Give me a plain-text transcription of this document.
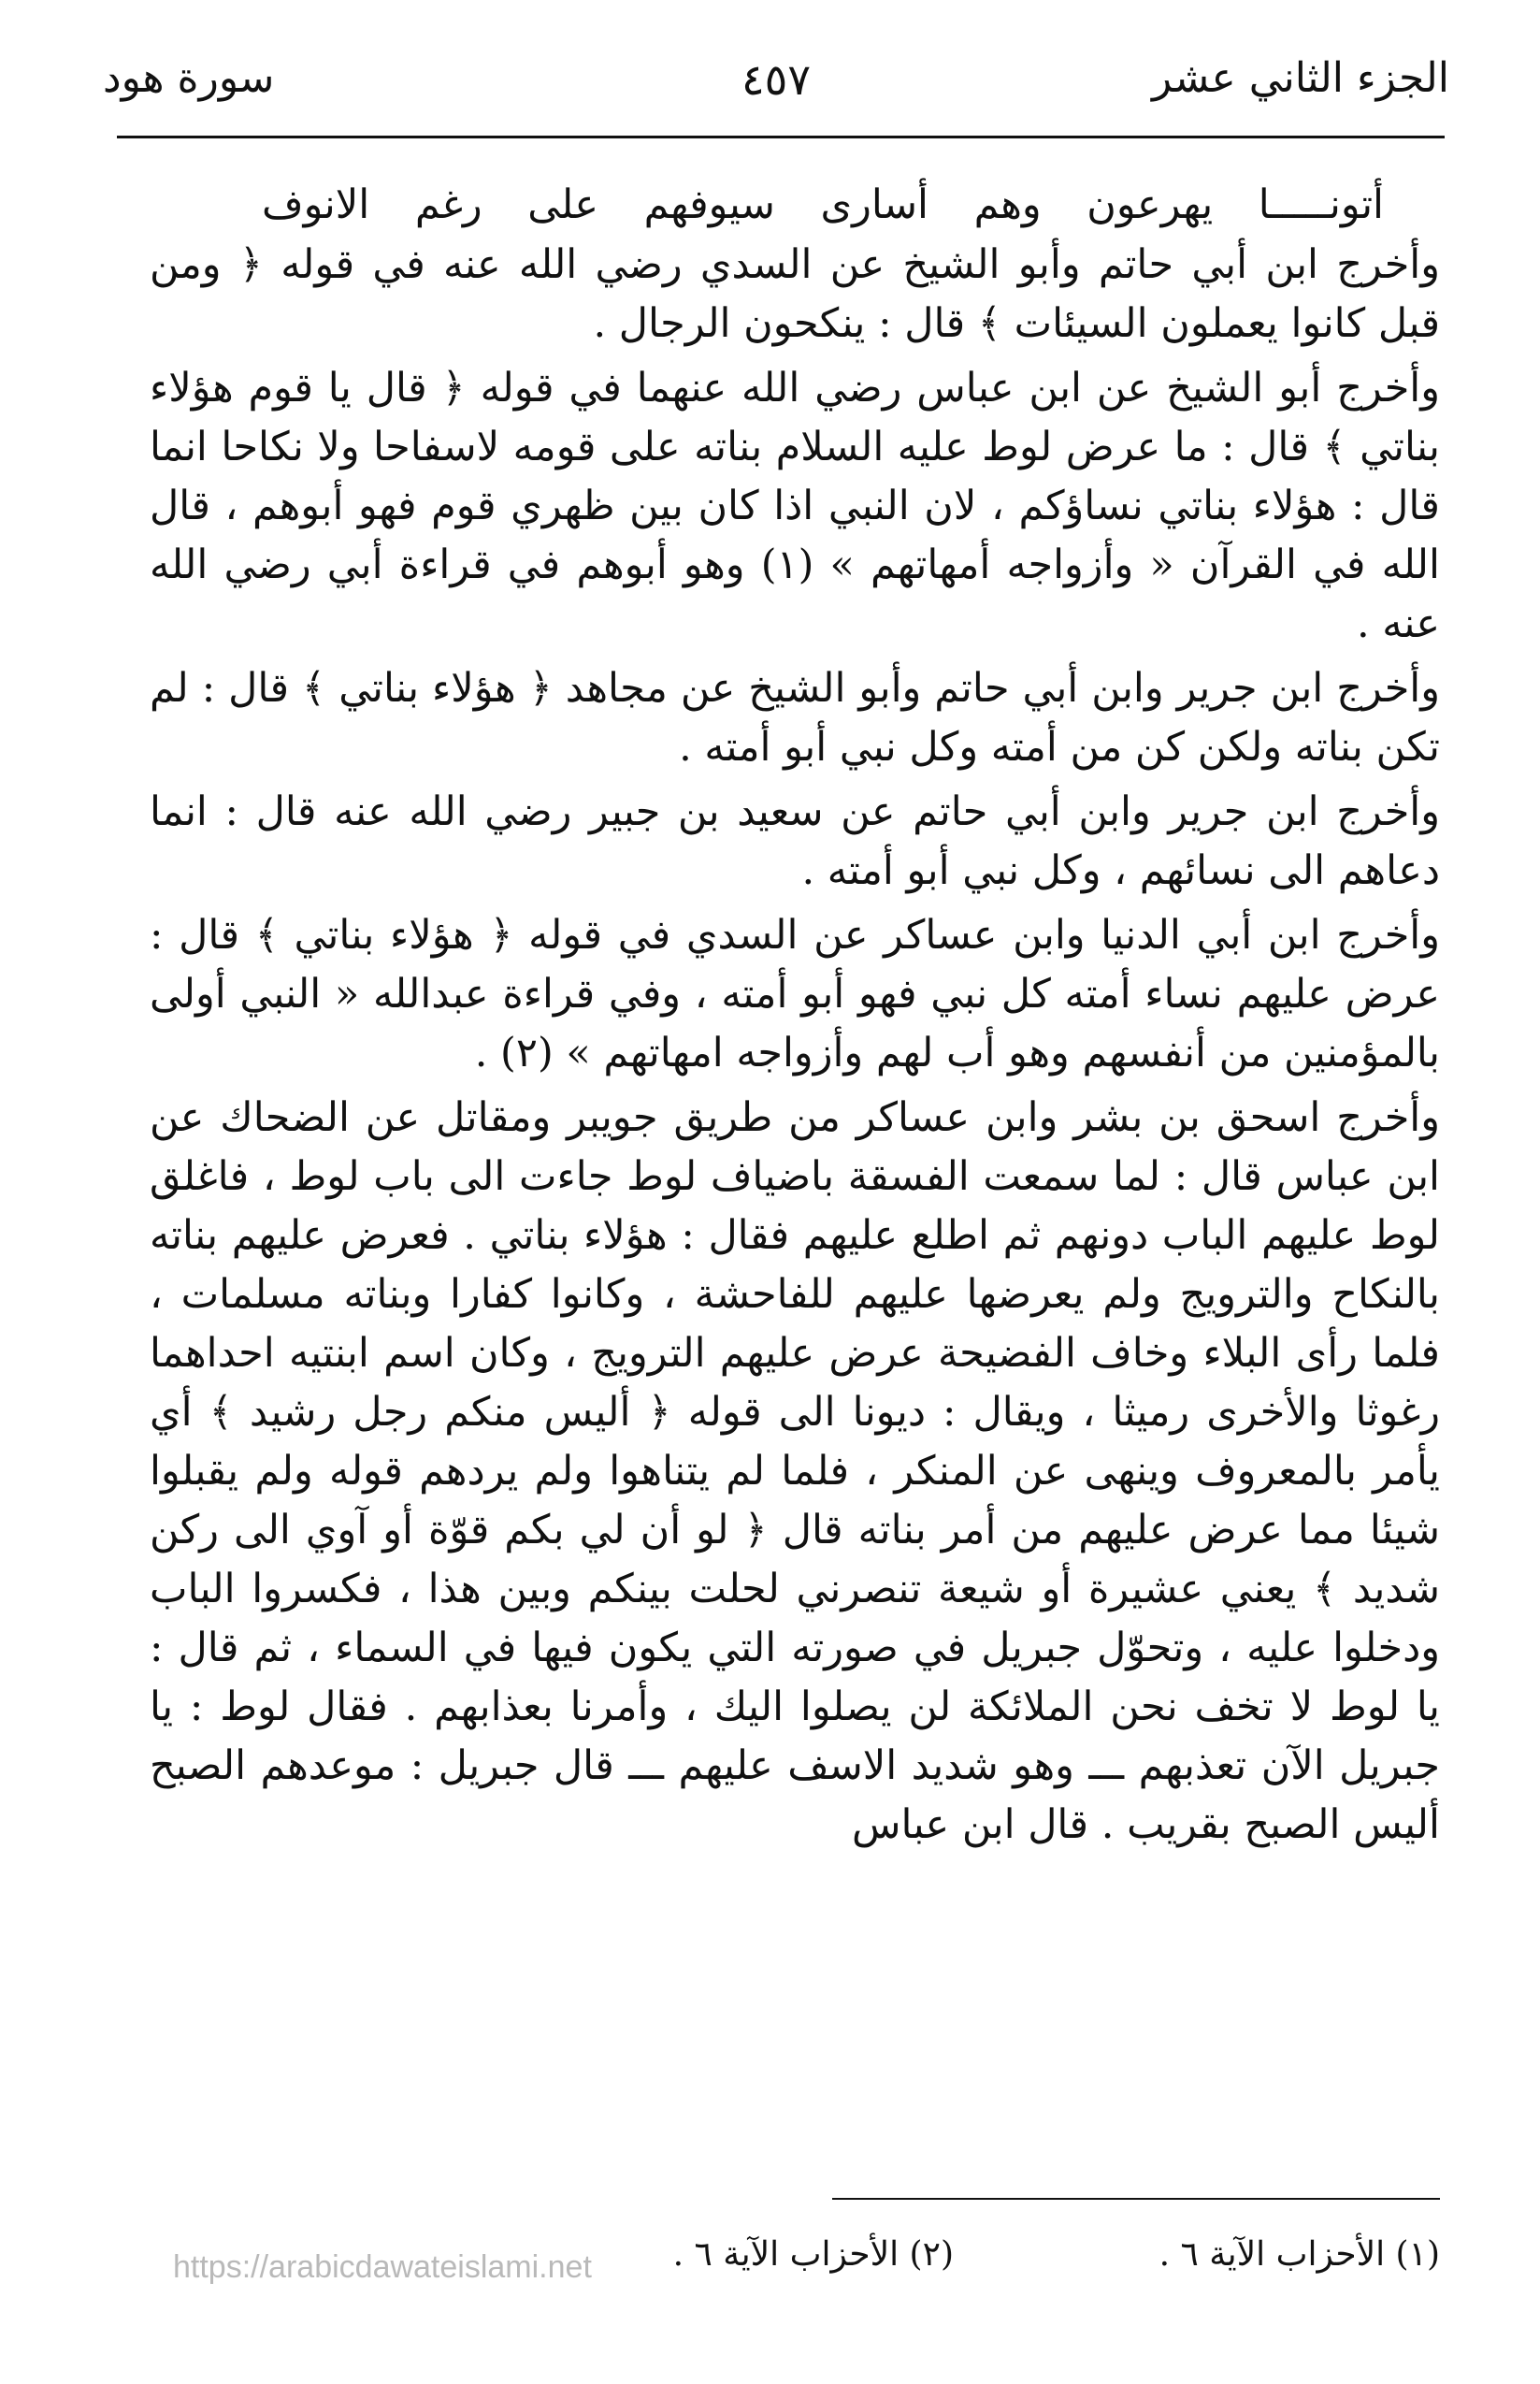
الجزء الثاني عشر
٤٥٧
سورة هود

أتونـــــا يهرعون وهم أسارى سيوفهم على رغم الانوف

وأخرج ابن أبي حاتم وأبو الشيخ عن السدي رضي الله عنه في قوله ﴿ ومن قبل كانوا يعملون السيئات ﴾ قال : ينكحون الرجال .

وأخرج أبو الشيخ عن ابن عباس رضي الله عنهما في قوله ﴿ قال يا قوم هؤلاء بناتي ﴾ قال : ما عرض لوط عليه السلام بناته على قومه لاسفاحا ولا نكاحا انما قال : هؤلاء بناتي نساؤكم ، لان النبي اذا كان بين ظهري قوم فهو أبوهم ، قال الله في القرآن « وأزواجه أمهاتهم » (١) وهو أبوهم في قراءة أبي رضي الله عنه .

وأخرج ابن جرير وابن أبي حاتم وأبو الشيخ عن مجاهد ﴿ هؤلاء بناتي ﴾ قال : لم تكن بناته ولكن كن من أمته وكل نبي أبو أمته .

وأخرج ابن جرير وابن أبي حاتم عن سعيد بن جبير رضي الله عنه قال : انما دعاهم الى نسائهم ، وكل نبي أبو أمته .

وأخرج ابن أبي الدنيا وابن عساكر عن السدي في قوله ﴿ هؤلاء بناتي ﴾ قال : عرض عليهم نساء أمته كل نبي فهو أبو أمته ، وفي قراءة عبدالله « النبي أولى بالمؤمنين من أنفسهم وهو أب لهم وأزواجه امهاتهم » (٢) .

وأخرج اسحق بن بشر وابن عساكر من طريق جويبر ومقاتل عن الضحاك عن ابن عباس قال : لما سمعت الفسقة باضياف لوط جاءت الى باب لوط ، فاغلق لوط عليهم الباب دونهم ثم اطلع عليهم فقال : هؤلاء بناتي . فعرض عليهم بناته بالنكاح والترويج ولم يعرضها عليهم للفاحشة ، وكانوا كفارا وبناته مسلمات ، فلما رأى البلاء وخاف الفضيحة عرض عليهم الترويج ، وكان اسم ابنتيه احداهما رغوثا والأخرى رميثا ، ويقال : ديونا الى قوله ﴿ أليس منكم رجل رشيد ﴾ أي يأمر بالمعروف وينهى عن المنكر ، فلما لم يتناهوا ولم يردهم قوله ولم يقبلوا شيئا مما عرض عليهم من أمر بناته قال ﴿ لو أن لي بكم قوّة أو آوي الى ركن شديد ﴾ يعني عشيرة أو شيعة تنصرني لحلت بينكم وبين هذا ، فكسروا الباب ودخلوا عليه ، وتحوّل جبريل في صورته التي يكون فيها في السماء ، ثم قال : يا لوط لا تخف نحن الملائكة لن يصلوا اليك ، وأمرنا بعذابهم . فقال لوط : يا جبريل الآن تعذبهم ـــ وهو شديد الاسف عليهم ـــ قال جبريل : موعدهم الصبح أليس الصبح بقريب . قال ابن عباس

(١) الأحزاب الآية ٦ .
(٢) الأحزاب الآية ٦ .
https://arabicdawateislami.net
